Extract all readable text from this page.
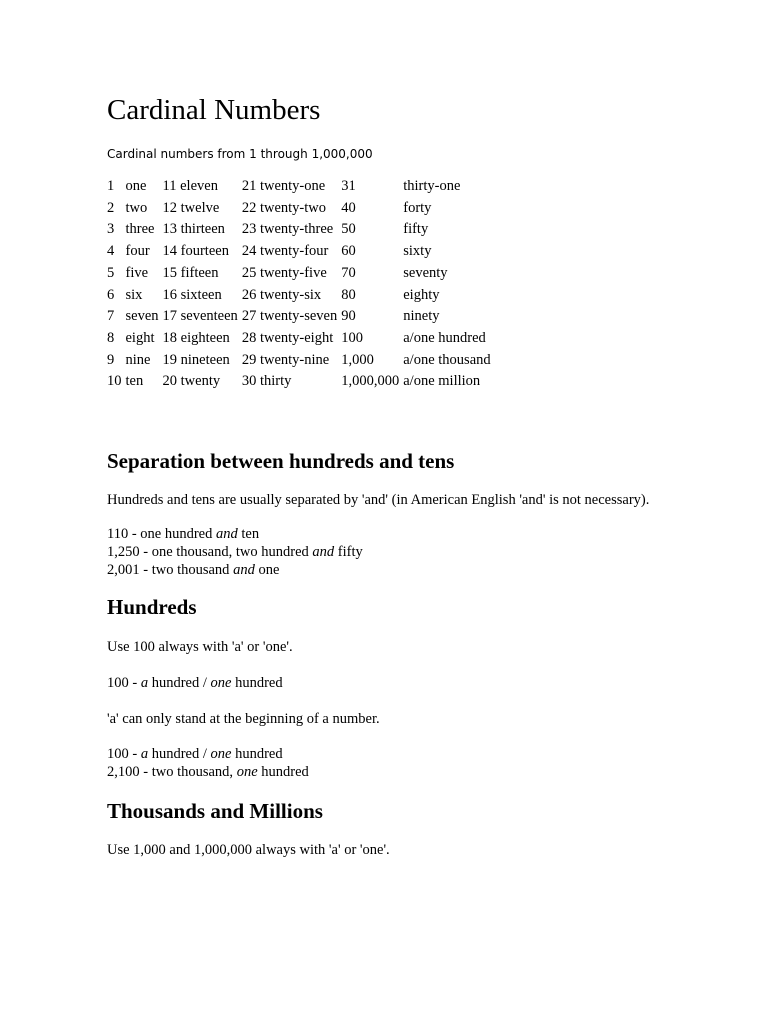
Cardinal Numbers
Cardinal numbers from 1 through 1,000,000
1	one	11 eleven	21 twenty-one	31	thirty-one
2	two	12 twelve	22 twenty-two	40	forty
3	three	13 thirteen	23 twenty-three	50	fifty
4	four	14 fourteen	24 twenty-four	60	sixty
5	five	15 fifteen	25 twenty-five	70	seventy
6	six	16 sixteen	26 twenty-six	80	eighty
7	seven	17 seventeen	27 twenty-seven	90	ninety
8	eight	18 eighteen	28 twenty-eight	100	a/one hundred
9	nine	19 nineteen	29 twenty-nine	1,000	a/one thousand
10	ten	20 twenty	30 thirty	1,000,000	a/one million
Separation between hundreds and tens

Hundreds and tens are usually separated by 'and' (in American English 'and' is not necessary).

110 - one hundred and ten

1,250 - one thousand, two hundred and fifty

2,001 - two thousand and one

Hundreds

Use 100 always with 'a' or 'one'.

100 - a hundred / one hundred

'a' can only stand at the beginning of a number.

100 - a hundred / one hundred

2,100 - two thousand, one hundred

Thousands and Millions

Use 1,000 and 1,000,000 always with 'a' or 'one'.
